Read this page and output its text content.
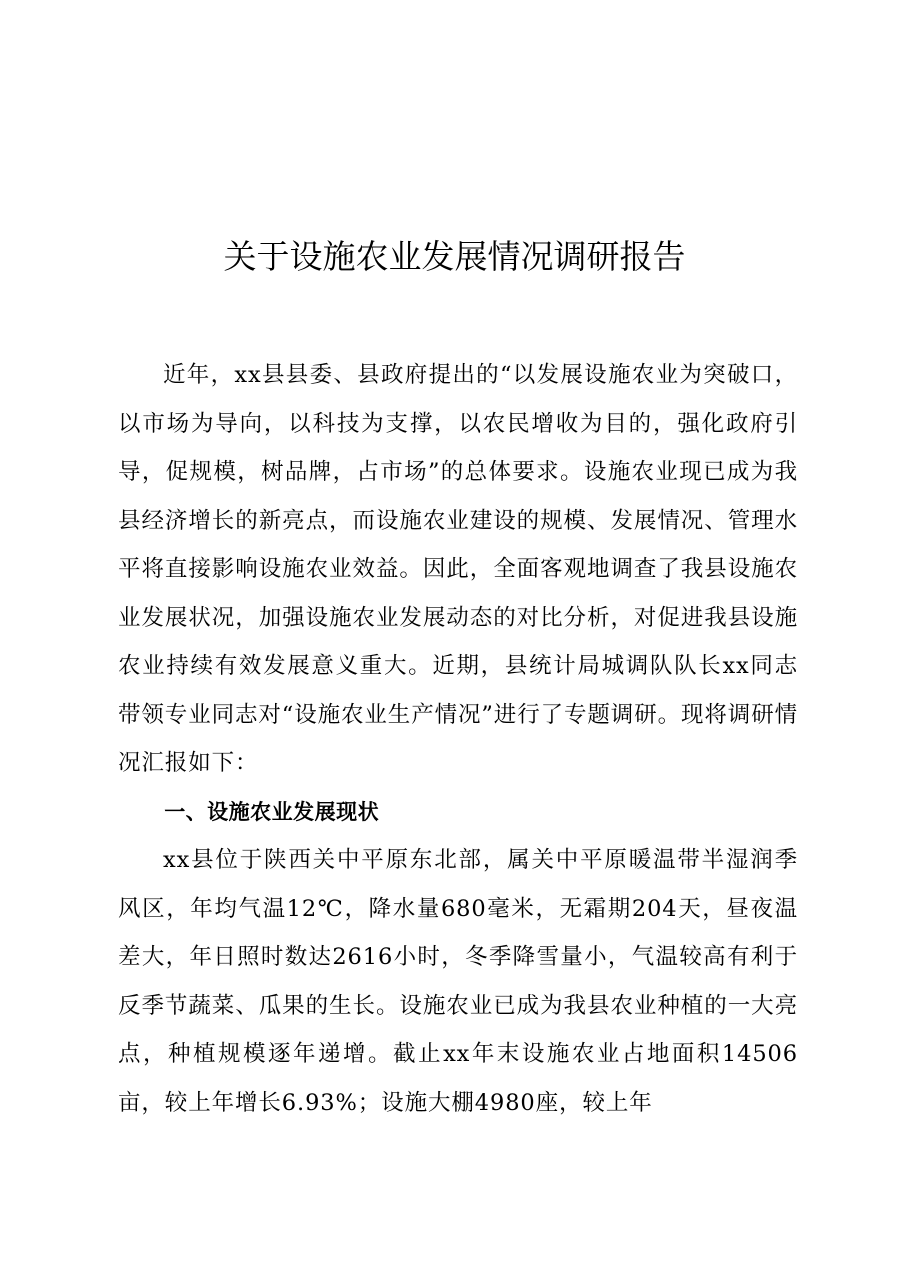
关于设施农业发展情况调研报告

近年，xx县县委、县政府提出的“以发展设施农业为突破口，以市场为导向，以科技为支撑，以农民增收为目的，强化政府引导，促规模，树品牌，占市场”的总体要求。设施农业现已成为我县经济增长的新亮点，而设施农业建设的规模、发展情况、管理水平将直接影响设施农业效益。因此，全面客观地调查了我县设施农业发展状况，加强设施农业发展动态的对比分析，对促进我县设施农业持续有效发展意义重大。近期，县统计局城调队队长xx同志带领专业同志对“设施农业生产情况”进行了专题调研。现将调研情况汇报如下：

一、设施农业发展现状

xx县位于陕西关中平原东北部，属关中平原暖温带半湿润季风区，年均气温12℃，降水量680毫米，无霜期204天，昼夜温差大，年日照时数达2616小时，冬季降雪量小，气温较高有利于反季节蔬菜、瓜果的生长。设施农业已成为我县农业种植的一大亮点，种植规模逐年递增。截止xx年末设施农业占地面积14506亩，较上年增长6.93%；设施大棚4980座，较上年
